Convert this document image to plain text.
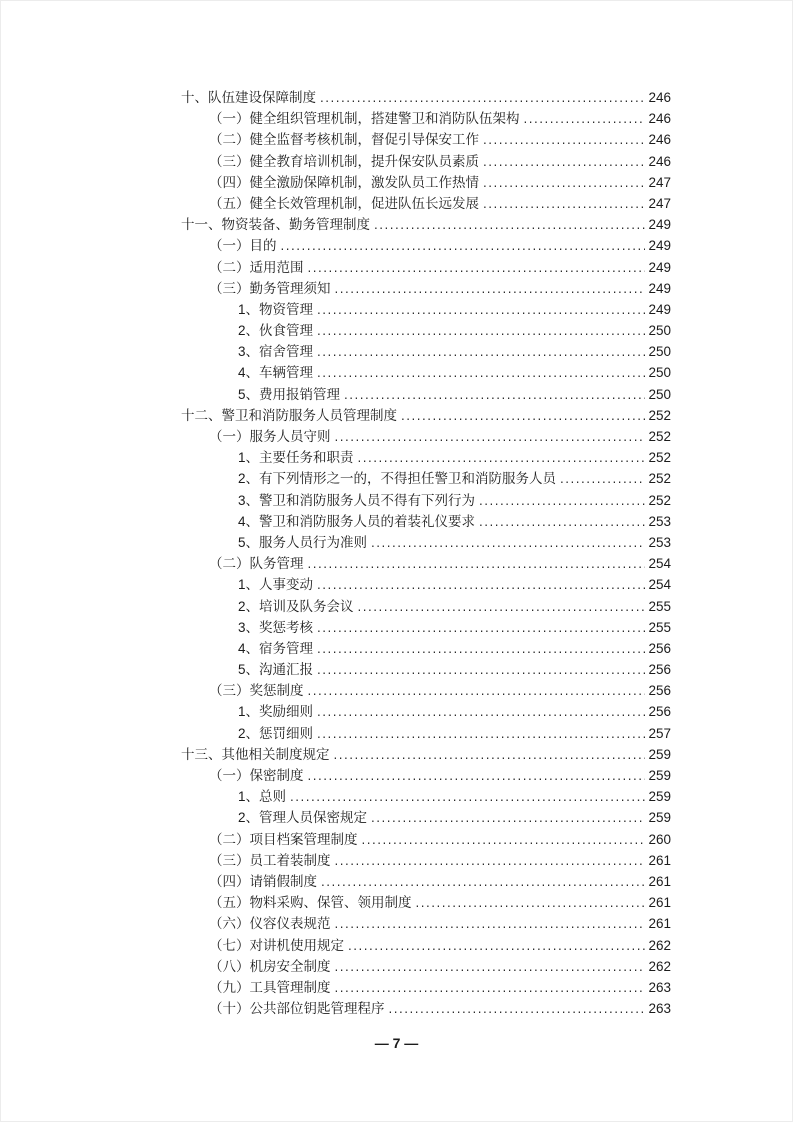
十、队伍建设保障制度 .....	246
（一）健全组织管理机制，搭建警卫和消防队伍架构 .....	246
（二）健全监督考核机制，督促引导保安工作 .....	246
（三）健全教育培训机制，提升保安队员素质 .....	246
（四）健全激励保障机制，激发队员工作热情 .....	247
（五）健全长效管理机制，促进队伍长远发展 .....	247
十一、物资装备、勤务管理制度 .....	249
（一）目的 .....	249
（二）适用范围 .....	249
（三）勤务管理须知 .....	249
1、物资管理 .....	249
2、伙食管理 .....	250
3、宿舍管理 .....	250
4、车辆管理 .....	250
5、费用报销管理 .....	250
十二、警卫和消防服务人员管理制度 .....	252
（一）服务人员守则 .....	252
1、主要任务和职责 .....	252
2、有下列情形之一的，不得担任警卫和消防服务人员 .....	252
3、警卫和消防服务人员不得有下列行为 .....	252
4、警卫和消防服务人员的着装礼仪要求 .....	253
5、服务人员行为准则 .....	253
（二）队务管理 .....	254
1、人事变动 .....	254
2、培训及队务会议 .....	255
3、奖惩考核 .....	255
4、宿务管理 .....	256
5、沟通汇报 .....	256
（三）奖惩制度 .....	256
1、奖励细则 .....	256
2、惩罚细则 .....	257
十三、其他相关制度规定 .....	259
（一）保密制度 .....	259
1、总则 .....	259
2、管理人员保密规定 .....	259
（二）项目档案管理制度 .....	260
（三）员工着装制度 .....	261
（四）请销假制度 .....	261
（五）物料采购、保管、领用制度 .....	261
（六）仪容仪表规范 .....	261
（七）对讲机使用规定 .....	262
（八）机房安全制度 .....	262
（九）工具管理制度 .....	263
（十）公共部位钥匙管理程序 .....	263
— 7 —
